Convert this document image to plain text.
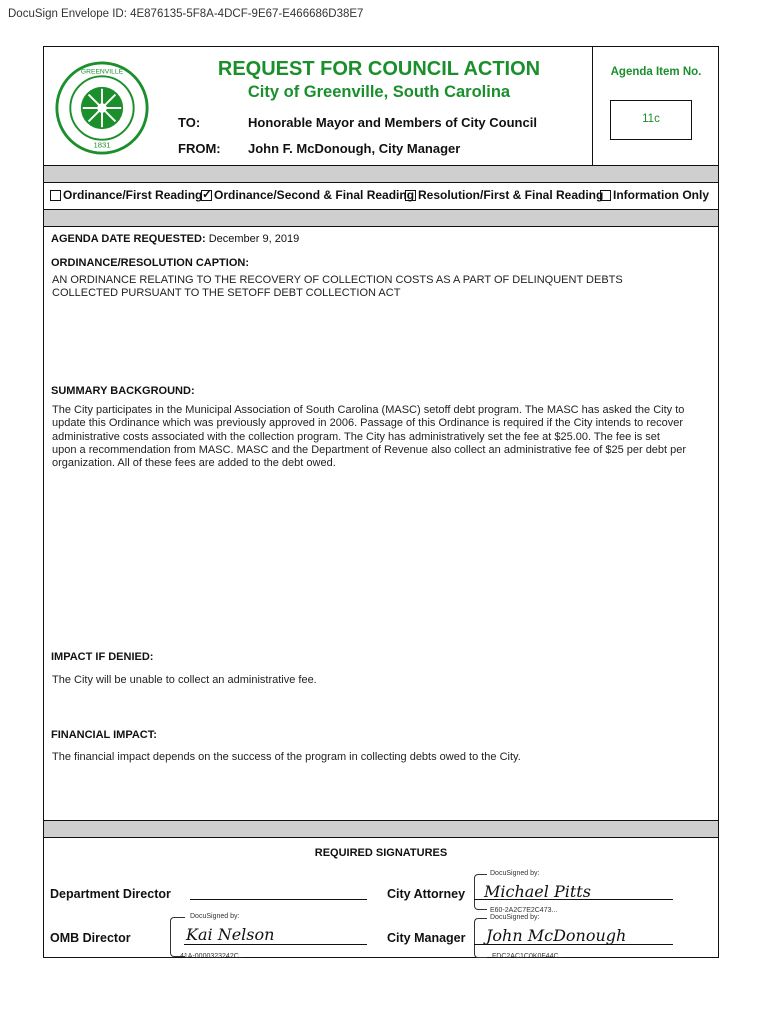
DocuSign Envelope ID: 4E876135-5F8A-4DCF-9E67-E466686D38E7
1831
GREENVILLE	REQUEST FOR COUNCIL ACTION
City of Greenville, South Carolina
TO:	Honorable Mayor and Members of City Council
FROM: John F. McDonough, City Manager
Agenda Item No.
11c
Ordinance/First Reading
✓ Ordinance/Second & Final Reading Resolution/First & Final Reading Information Only
AGENDA DATE REQUESTED: December 9, 2019
ORDINANCE/RESOLUTION CAPTION:
AN ORDINANCE RELATING TO THE RECOVERY OF COLLECTION COSTS AS A PART OF DELINQUENT DEBTS
COLLECTED PURSUANT TO THE SETOFF DEBT COLLECTION ACT
SUMMARY BACKGROUND:
The City participates in the Municipal Association of South Carolina (MASC) setoff debt program. The MASC has asked the City to
update this Ordinance which was previously approved in 2006. Passage of this Ordinance is required if the City intends to recover
administrative costs associated with the collection program. The City has administratively set the fee at $25.00. The fee is set
upon a recommendation from MASC. MASC and the Department of Revenue also collect an administrative fee of $25 per debt per
organization. All of these fees are added to the debt owed.
IMPACT IF DENIED:
The City will be unable to collect an administrative fee.
FINANCIAL IMPACT:
The financial impact depends on the success of the program in collecting debts owed to the City.
REQUIRED SIGNATURES
Department Director
OMB Director
DocuSigned by:
Kai Nelson
41A-0000323242C...
City Attorney
DocuSigned by:
Michael Pitts
E60-2A2C7E2C473...
City Manager
DocuSigned by:
John McDonough
FDC2AC1C0K0F44C...
